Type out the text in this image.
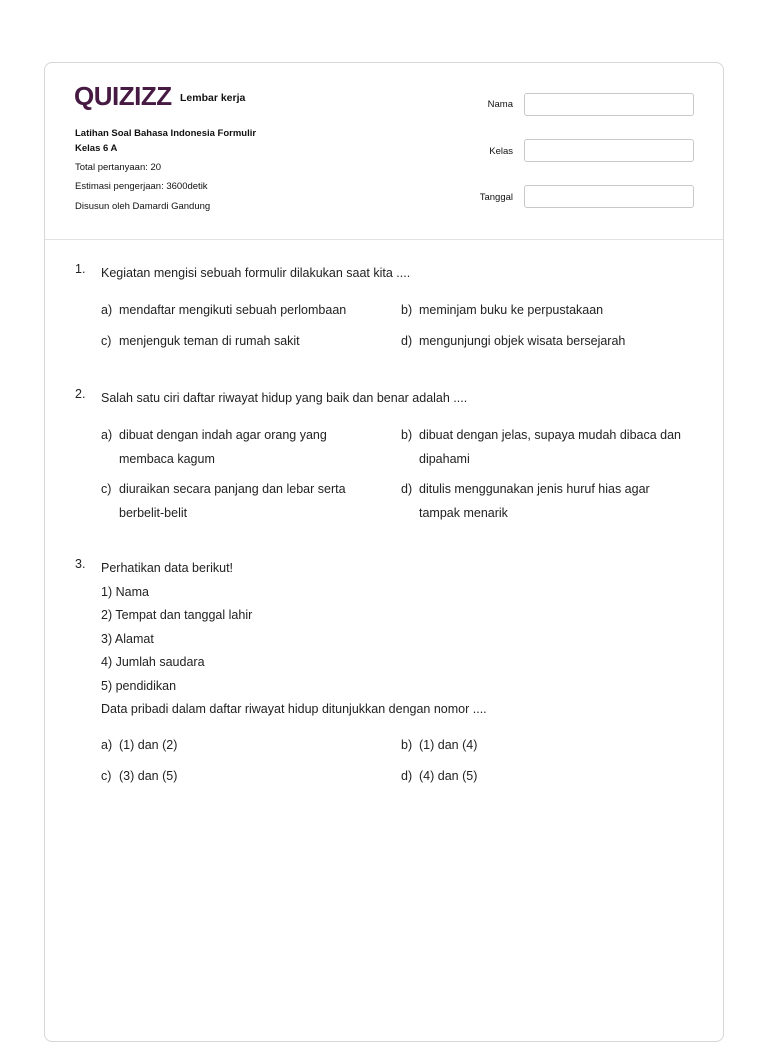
QUIZIZZ Lembar kerja
Latihan Soal Bahasa Indonesia Formulir
Kelas 6 A
Total pertanyaan: 20
Estimasi pengerjaan: 3600detik
Disusun oleh Damardi Gandung
Nama
Kelas
Tanggal
1. Kegiatan mengisi sebuah formulir dilakukan saat kita ....
a) mendaftar mengikuti sebuah perlombaan	b) meminjam buku ke perpustakaan
c) menjenguk teman di rumah sakit	d) mengunjungi objek wisata bersejarah
2. Salah satu ciri daftar riwayat hidup yang baik dan benar adalah ....
a) dibuat dengan indah agar orang yang membaca kagum
b) dibuat dengan jelas, supaya mudah dibaca dan dipahami
c) diuraikan secara panjang dan lebar serta berbelit-belit
d) ditulis menggunakan jenis huruf hias agar tampak menarik
3. Perhatikan data berikut!
1) Nama
2) Tempat dan tanggal lahir
3) Alamat
4) Jumlah saudara
5) pendidikan
Data pribadi dalam daftar riwayat hidup ditunjukkan dengan nomor ....
a) (1) dan (2)	b) (1) dan (4)
c) (3) dan (5)	d) (4) dan (5)
